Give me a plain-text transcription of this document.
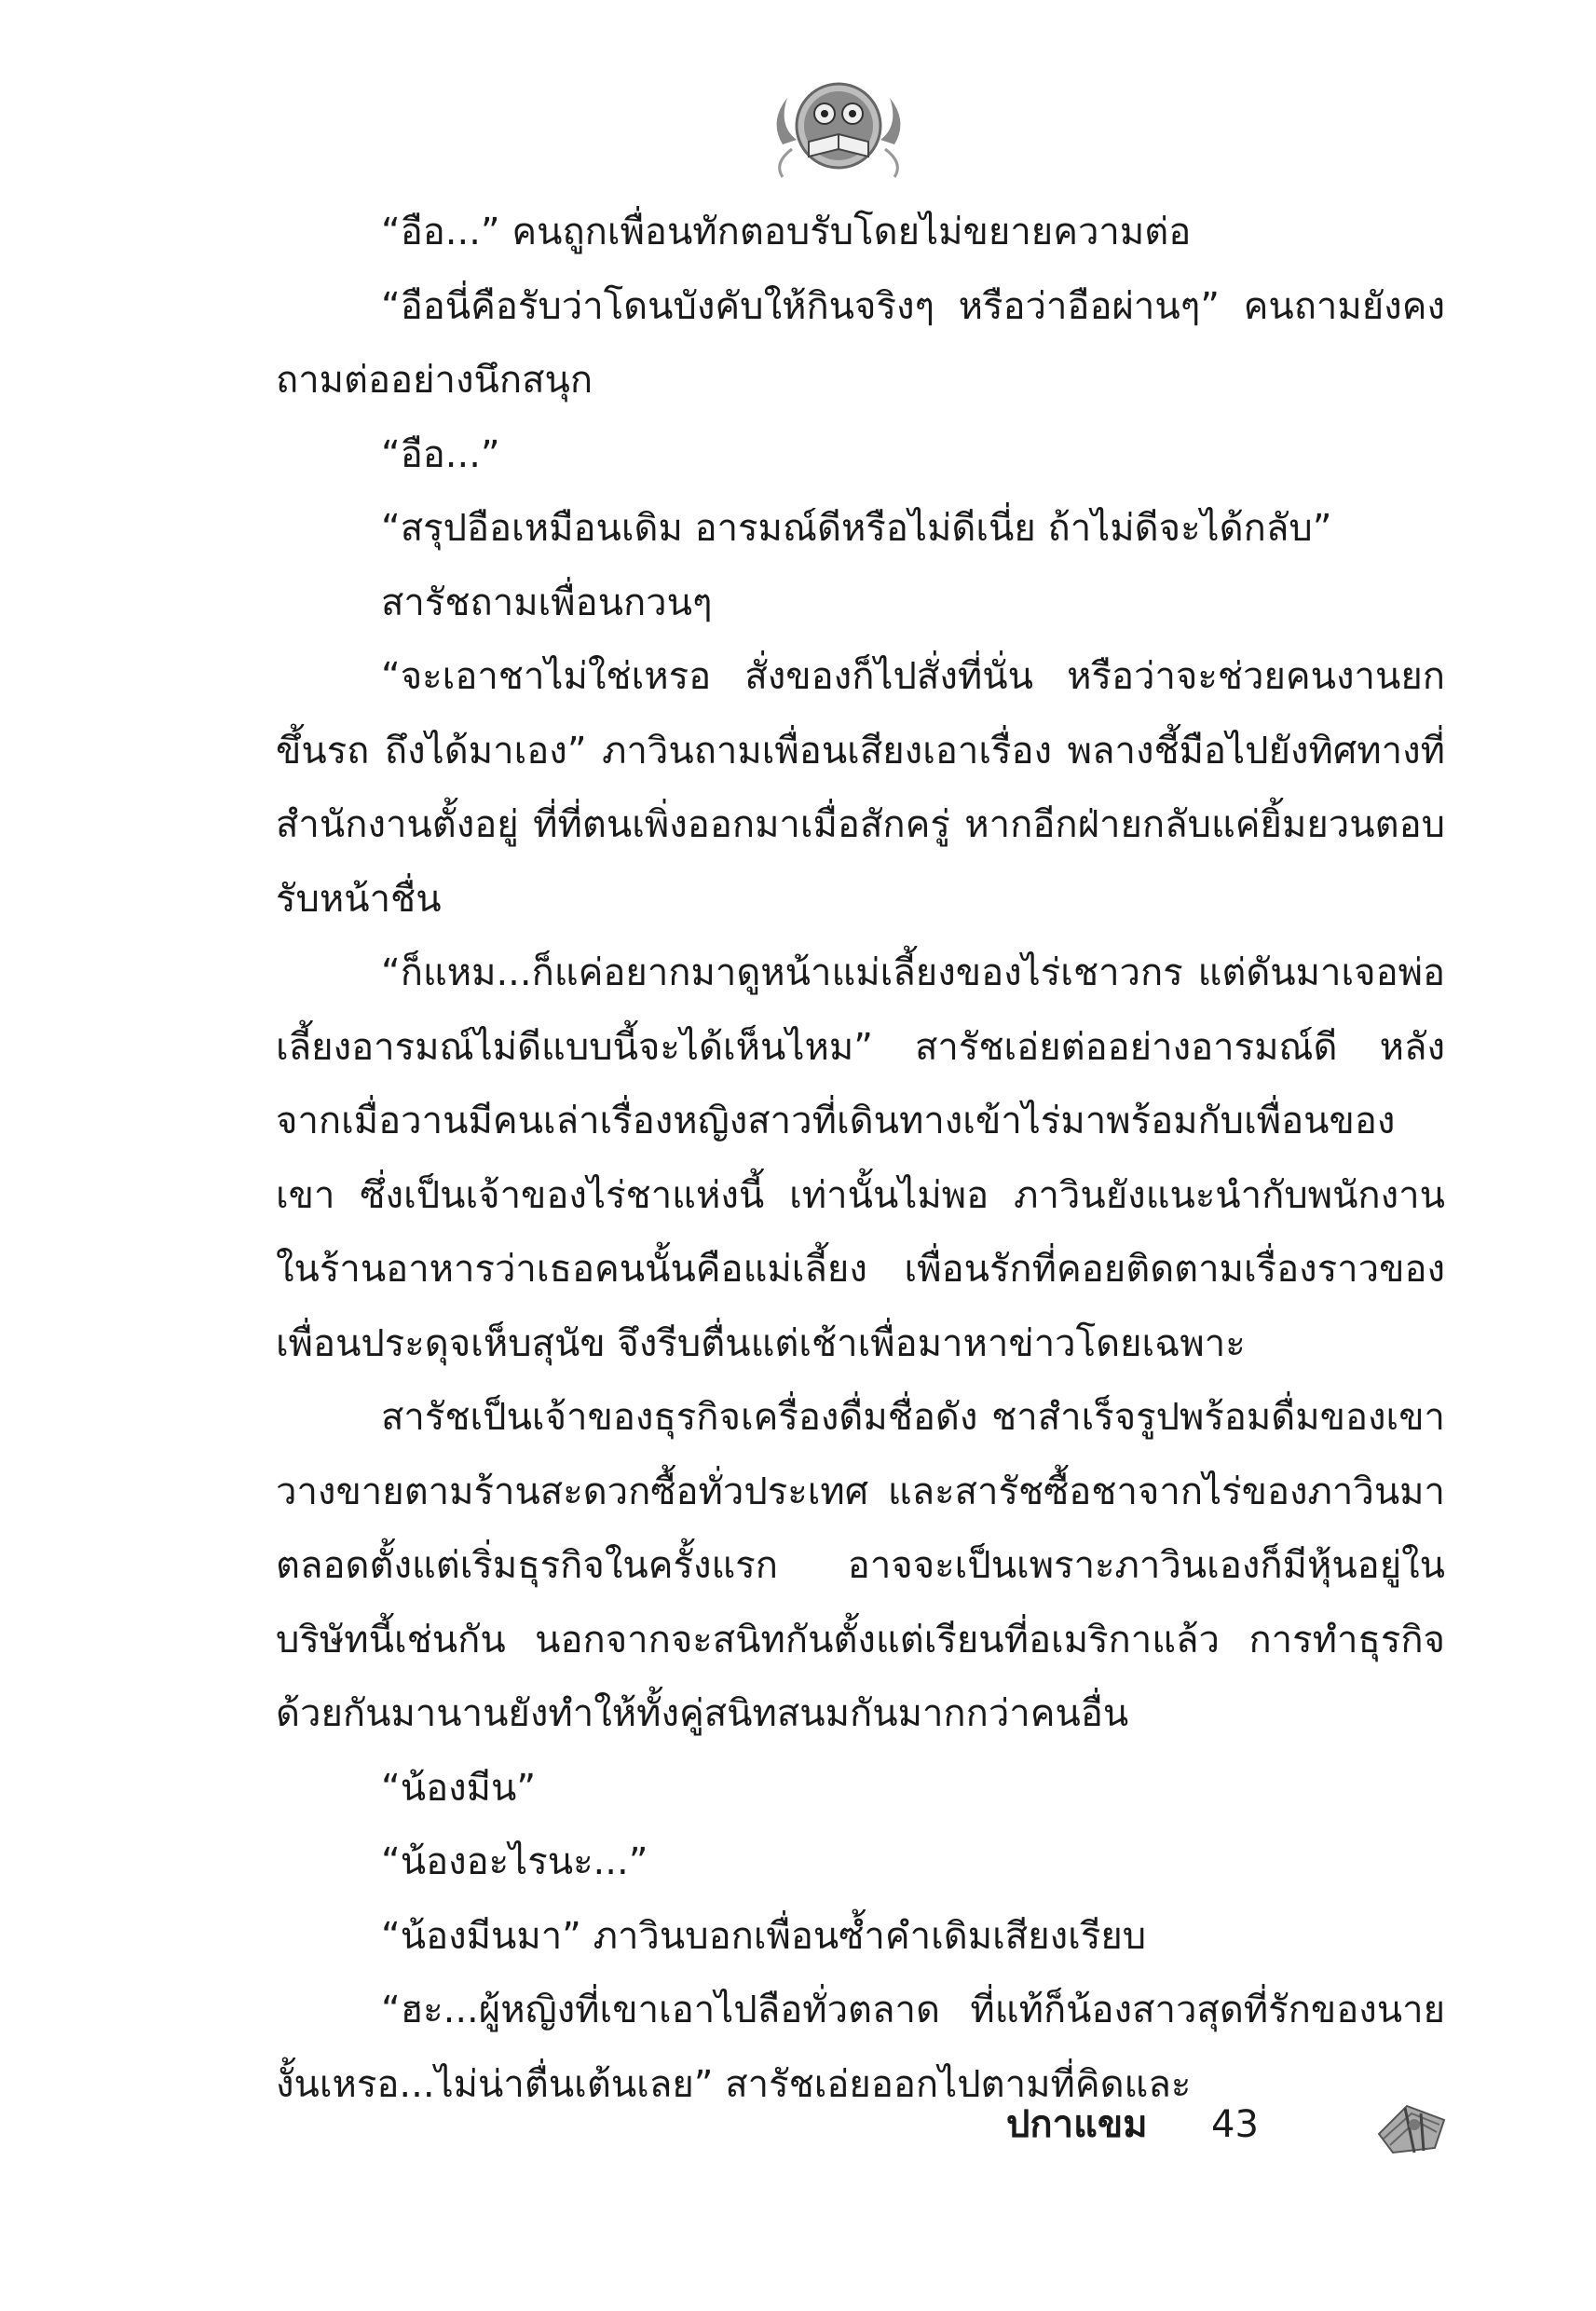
“อือ...” คนถูกเพื่อนทักตอบรับโดยไม่ขยายความต่อ

“อือนี่คือรับว่าโดนบังคับให้กินจริงๆ หรือว่าอือผ่านๆ” คนถามยังคงถามต่ออย่างนึกสนุก

“อือ...”

“สรุปอือเหมือนเดิม อารมณ์ดีหรือไม่ดีเนี่ย ถ้าไม่ดีจะได้กลับ”

สารัชถามเพื่อนกวนๆ

“จะเอาชาไม่ใช่เหรอ สั่งของก็ไปสั่งที่นั่น หรือว่าจะช่วยคนงานยกขึ้นรถ ถึงได้มาเอง” ภาวินถามเพื่อนเสียงเอาเรื่อง พลางชี้มือไปยังทิศทางที่สำนักงานตั้งอยู่ ที่ที่ตนเพิ่งออกมาเมื่อสักครู่ หากอีกฝ่ายกลับแค่ยิ้มยวนตอบรับหน้าชื่น

“ก็แหม...ก็แค่อยากมาดูหน้าแม่เลี้ยงของไร่เชาวกร แต่ดันมาเจอพ่อเลี้ยงอารมณ์ไม่ดีแบบนี้จะได้เห็นไหม” สารัชเอ่ยต่ออย่างอารมณ์ดี หลังจากเมื่อวานมีคนเล่าเรื่องหญิงสาวที่เดินทางเข้าไร่มาพร้อมกับเพื่อนของเขา ซึ่งเป็นเจ้าของไร่ชาแห่งนี้ เท่านั้นไม่พอ ภาวินยังแนะนำกับพนักงานในร้านอาหารว่าเธอคนนั้นคือแม่เลี้ยง เพื่อนรักที่คอยติดตามเรื่องราวของเพื่อนประดุจเห็บสุนัข จึงรีบตื่นแต่เช้าเพื่อมาหาข่าวโดยเฉพาะ

สารัชเป็นเจ้าของธุรกิจเครื่องดื่มชื่อดัง ชาสำเร็จรูปพร้อมดื่มของเขาวางขายตามร้านสะดวกซื้อทั่วประเทศ และสารัชซื้อชาจากไร่ของภาวินมาตลอดตั้งแต่เริ่มธุรกิจในครั้งแรก อาจจะเป็นเพราะภาวินเองก็มีหุ้นอยู่ในบริษัทนี้เช่นกัน นอกจากจะสนิทกันตั้งแต่เรียนที่อเมริกาแล้ว การทำธุรกิจด้วยกันมานานยังทำให้ทั้งคู่สนิทสนมกันมากกว่าคนอื่น

“น้องมีน”

“น้องอะไรนะ...”

“น้องมีนมา” ภาวินบอกเพื่อนซ้ำคำเดิมเสียงเรียบ

“ฮะ...ผู้หญิงที่เขาเอาไปลือทั่วตลาด ที่แท้ก็น้องสาวสุดที่รักของนายงั้นเหรอ...ไม่น่าตื่นเต้นเลย” สารัชเอ่ยออกไปตามที่คิดและ

ปกาแขม 43
